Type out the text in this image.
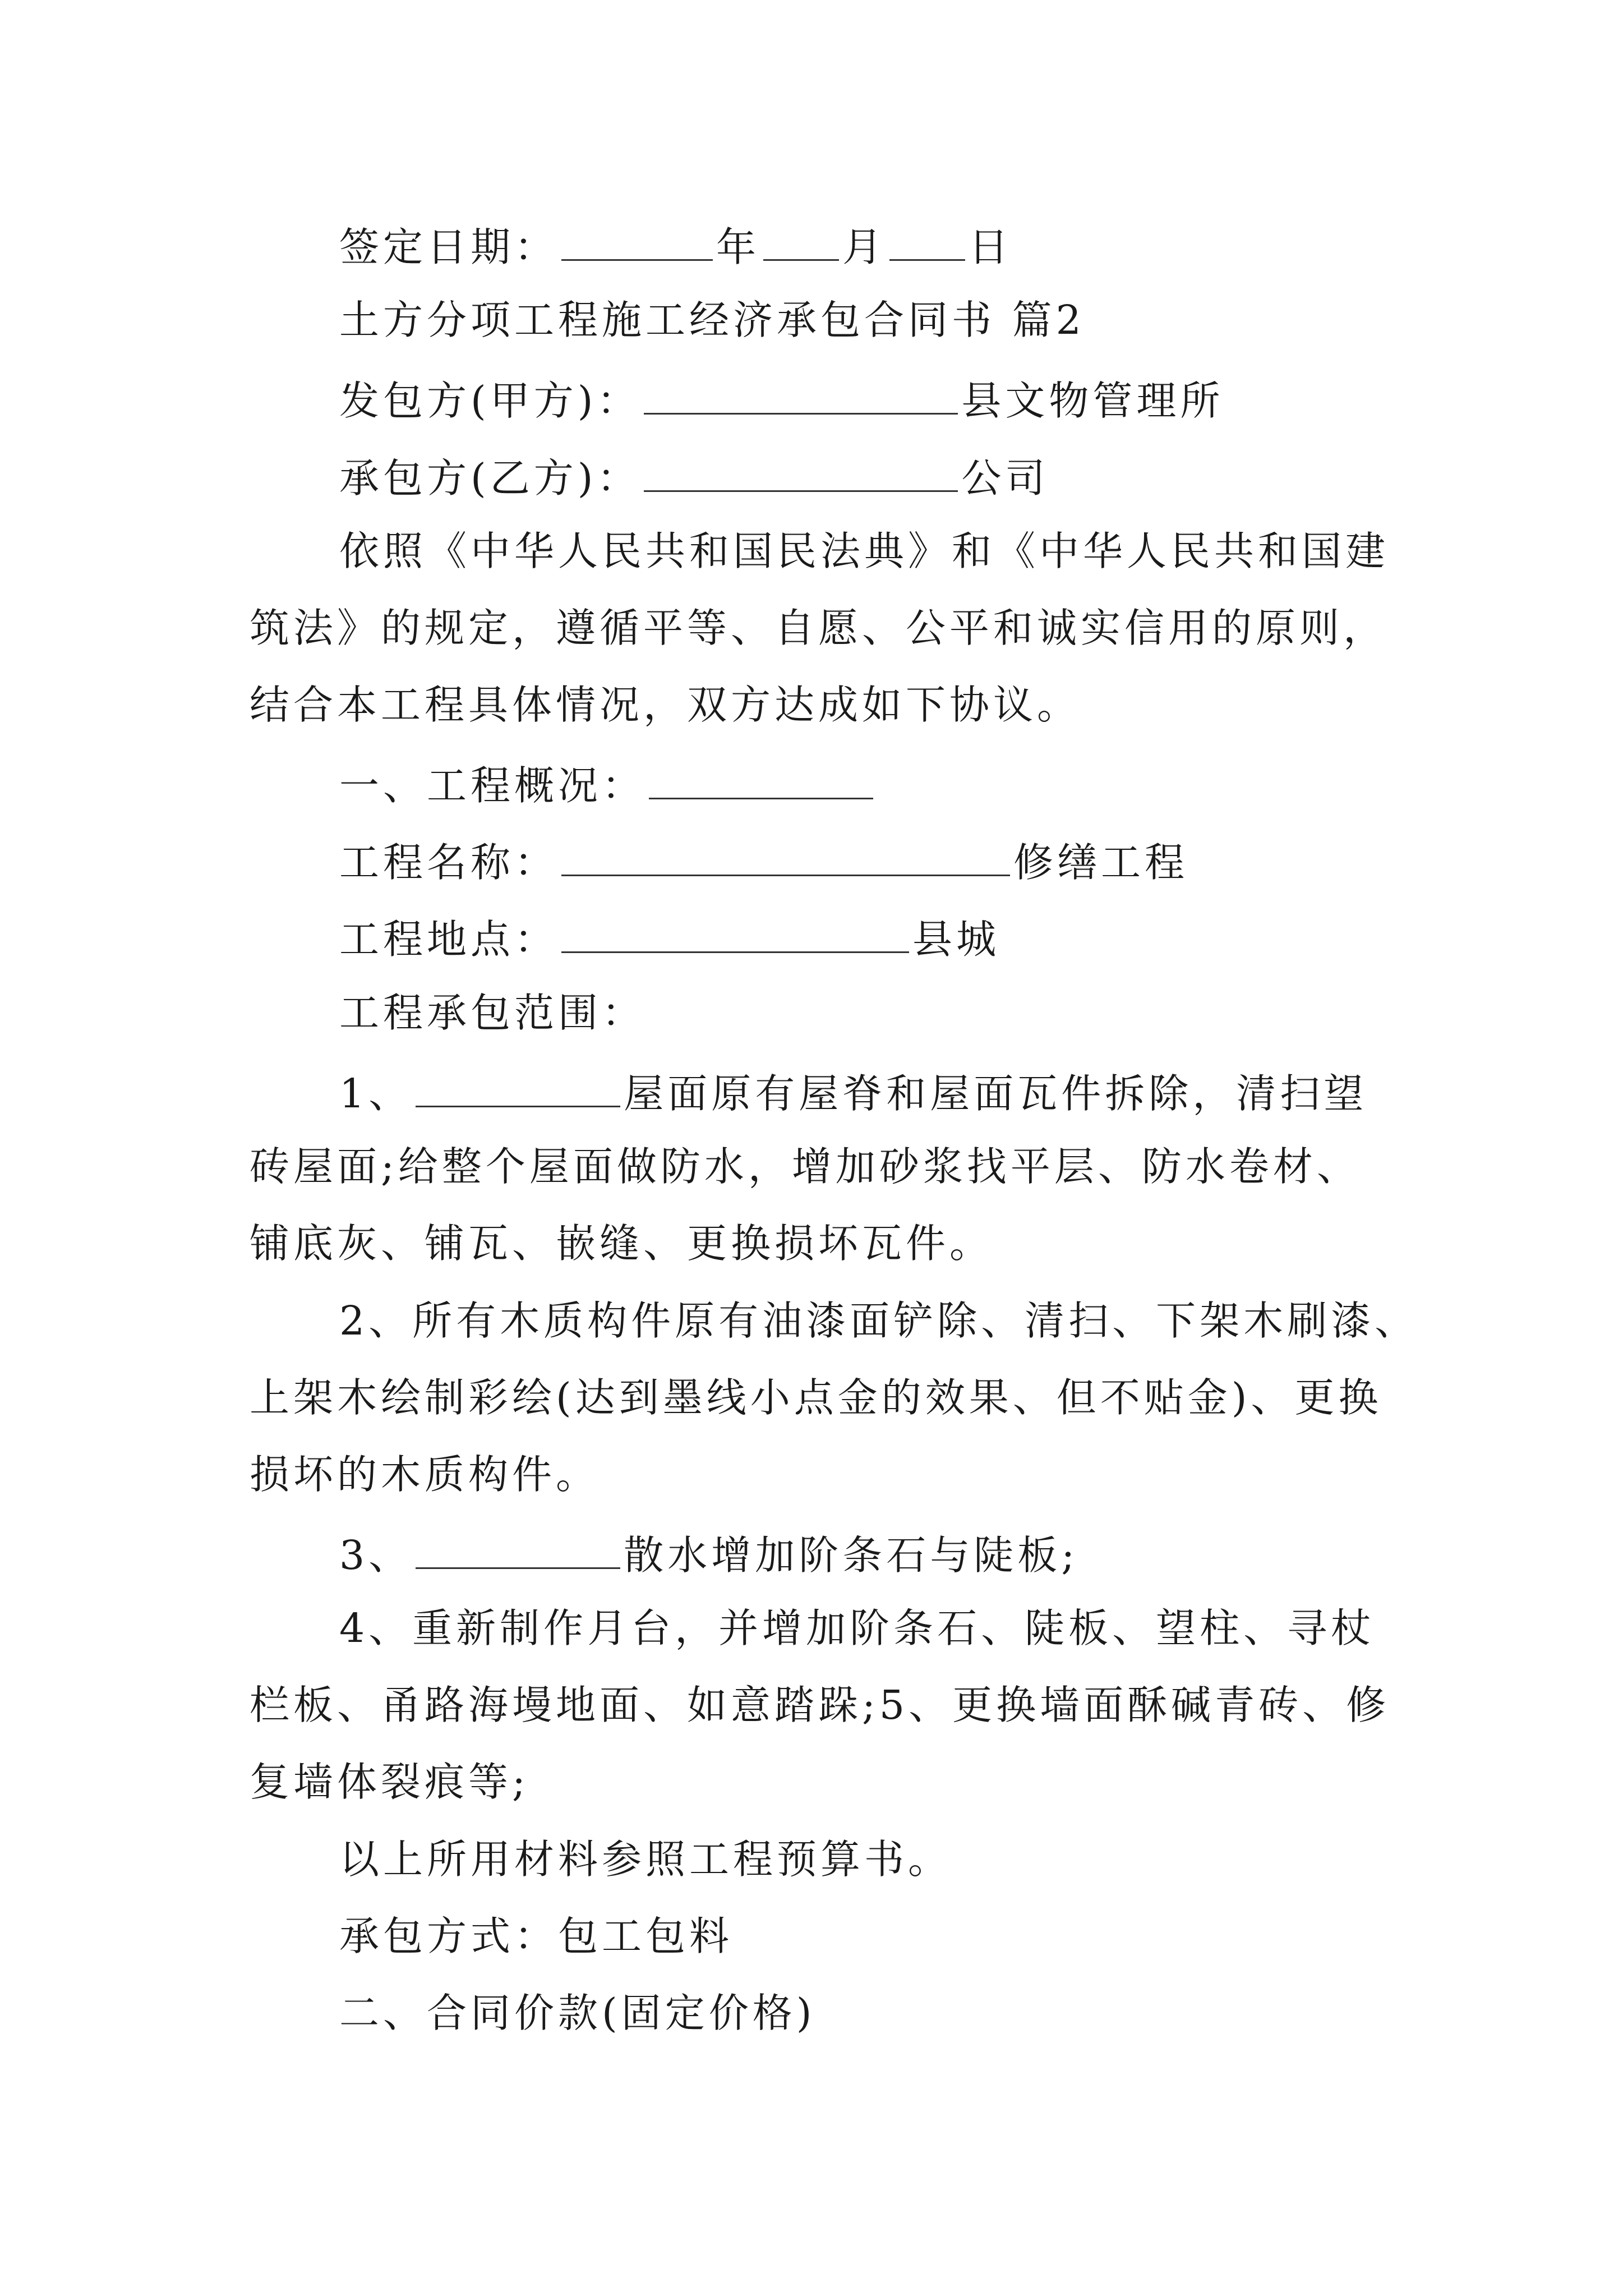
签定日期：	年 月 日
土方分项工程施工经济承包合同书 篇2
发包方(甲方)：	县文物管理所
承包方(乙方)：	公司
依照《中华人民共和国民法典》和《中华人民共和国建
筑法》的规定，遵循平等、自愿、公平和诚实信用的原则，
结合本工程具体情况，双方达成如下协议。
一、工程概况：
工程名称：	修缮工程
工程地点：	县城
工程承包范围：
1、	屋面原有屋脊和屋面瓦件拆除，清扫望
砖屋面;给整个屋面做防水，增加砂浆找平层、防水卷材、
铺底灰、铺瓦、嵌缝、更换损坏瓦件。
2、所有木质构件原有油漆面铲除、清扫、下架木刷漆、
上架木绘制彩绘(达到墨线小点金的效果、但不贴金)、更换
损坏的木质构件。
3、	散水增加阶条石与陡板;
4、重新制作月台，并增加阶条石、陡板、望柱、寻杖
栏板、甬路海墁地面、如意踏跺;5、更换墙面酥碱青砖、修
复墙体裂痕等;
以上所用材料参照工程预算书。
承包方式：包工包料
二、合同价款(固定价格)
